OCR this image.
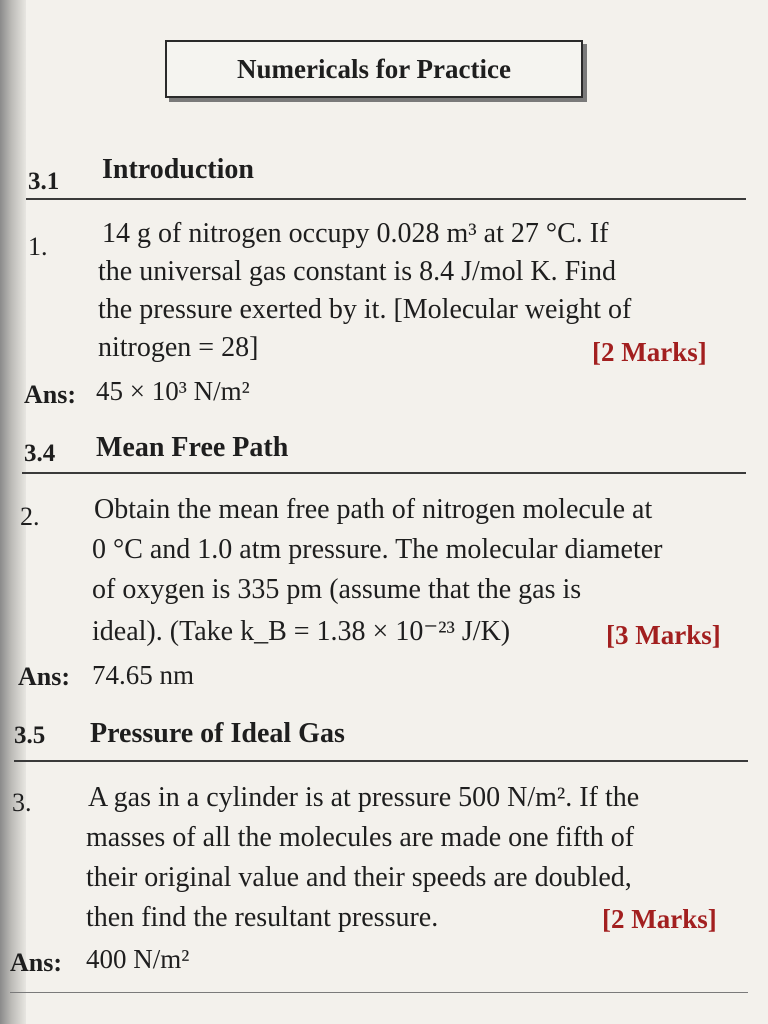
Numericals for Practice
3.1 Introduction
1. 14 g of nitrogen occupy 0.028 m³ at 27 °C. If
the universal gas constant is 8.4 J/mol K. Find
the pressure exerted by it. [Molecular weight of
nitrogen = 28]	[2 Marks]
Ans: 45 × 10³ N/m²
3.4 Mean Free Path
2. Obtain the mean free path of nitrogen molecule at
0 °C and 1.0 atm pressure. The molecular diameter
of oxygen is 335 pm (assume that the gas is
ideal). (Take k_B = 1.38 × 10⁻²³ J/K)	[3 Marks]
Ans: 74.65 nm
3.5 Pressure of Ideal Gas
3. A gas in a cylinder is at pressure 500 N/m². If the
masses of all the molecules are made one fifth of
their original value and their speeds are doubled,
then find the resultant pressure.	[2 Marks]
Ans: 400 N/m²
